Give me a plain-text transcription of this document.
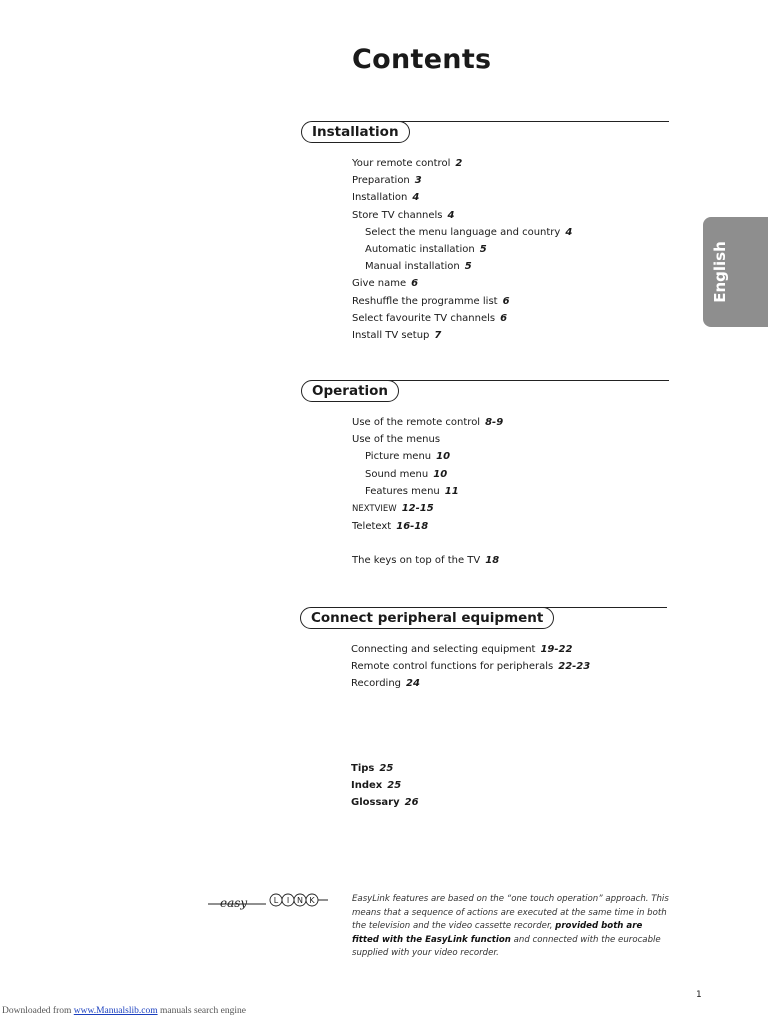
Contents
English
Installation
Your remote control 2
Preparation 3
Installation 4
Store TV channels 4
Select the menu language and country 4
Automatic installation 5
Manual installation 5
Give name 6
Reshuffle the programme list 6
Select favourite TV channels 6
Install TV setup 7
Operation
Use of the remote control 8-9
Use of the menus
Picture menu 10
Sound menu 10
Features menu 11
NEXTVIEW 12-15
Teletext 16-18
The keys on top of the TV 18
Connect peripheral equipment
Connecting and selecting equipment 19-22
Remote control functions for peripherals 22-23
Recording 24
Tips 25
Index 25
Glossary 26
easy	L I N K	EasyLink features are based on the “one touch operation” approach. This means that a sequence of actions are executed at the same time in both the television and the video cassette recorder, provided both are fitted with the EasyLink function and connected with the eurocable supplied with your video recorder.
1
Downloaded from www.Manualslib.com manuals search engine
